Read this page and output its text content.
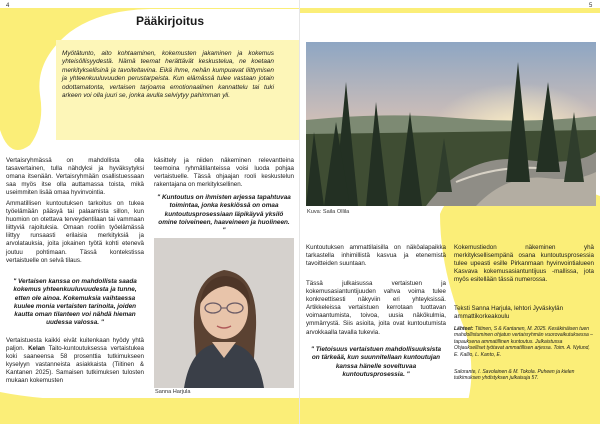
4
Pääkirjoitus

Myötätunto, aito kohtaaminen, kokemusten jakaminen ja kokemus yhteisöllisyydestä. Nämä teemat herättävät keskustelua, ne koetaan merkityksellisinä ja tavoiteltavina. Eikä ihme, nehän kumpuavat liittymisen ja yhteenkuuluvuuden perustarpeista. Kun elämässä tulee vastaan jotain odottamatonta, vertaisen tarjoama emotionaalinen kannattelu tai tuki arkeen voi olla juuri se, jonka avulla selviytyy pahimman yli.

Vertaisryhmässä on mahdollista olla tasavertainen, tulla nähdyksi ja hyväksytyksi omana itsenään. Vertaisryhmään osallistuessaan saa myös itse olla auttamassa toista, mikä useimmiten lisää omaa hyvinvointia.

Ammatillisen kuntoutuksen tarkoitus on tukea työelämään pääsyä tai palaamista sillon, kun huomion on otettava terveydentilaan tai vammaan liittyviä rajoituksia. Omaan rooliin työelämässä liittyy runsaasti erilaisia merkityksiä ja arvolatauksia, joita jokainen työtä kohti etenevä joutuu pohtimaan. Tässä kontekstissa vertaistuelle on selvä tilaus.

" Vertaisen kanssa on mahdollista saada kokemus yhteenkuuluvuudesta ja tunne, etten ole ainoa. Kokemuksia vaihtaessa kuulee monia vertaisten tarinoita, joiden kautta oman tilanteen voi nähdä hieman uudessa valossa. "

Vertaistuesta kaikki eivät kuitenkaan hyödy yhtä paljon. Kelan Taito-kuntoutuksessa vertaistukea koki saaneensa 58 prosenttia tutkimukseen kyselyyn vastanneista asiakkaista (Tiitinen & Kantanen 2025). Samaisen tutkimuksen tulosten mukaan kokemusten

käsittely ja niiden näkeminen relevantteina teemoina ryhmätilanteissa voisi luoda pohjaa vertaistuelle. Tässä ohjaajan rooli keskustelun rakentajana on merkityksellinen.

" Kuntoutus on ihmisten arjessa tapahtuvaa toimintaa, jonka keskiössä on omaa kuntoutusprosessiaan läpikäyvä yksilö omine toiveineen, haaveineen ja huolineen. "

Sanna Harjula
5
Kuva: Saila Ollila

Kuntoutuksen ammattilaisilla on näköalapaikka tarkastella inhimillistä kasvua ja etenemistä tavoitteiden suuntaan.

Tässä julkaisussa vertaistuen ja kokemusasiantuntijuuden vahva voima tulee konkreettisesti näkyviin eri yhteyksissä. Artikkeleissa vertaistuen kerrotaan tuottavan voimaantumista, toivoa, uusia näkökulmia, ymmärrystä. Siis asioita, joita ovat kuntoutumista arvokkaalla tavalla tukevia.

" Tietoisuus vertaistuen mahdollisuuksista on tärkeää, kun suunnitellaan kuntoutujan kanssa hänelle soveltuvaa kuntoutusprosessia. "

Kokemustiedon näkeminen yhä merkityksellisempänä osana kuntoutusprosessia tulee upeasti esille Pirkanmaan hyvinvointialueen Kasvava kokemusasiantuntijuus -mallissa, jota myös esitellään tässä numerossa.

Teksti Sanna Harjula, lehtori Jyväskylän ammattikorkeakoulu

Lähteet: Tiitinen, S & Kantanen, M. 2025. Kesäkinäisen tuen mahdollistuminen ohjatun vertaisryhmän vuorovaikutuksessa – tapauksena ammatillinen kuntoutus. Julkaistussa Ohjaukselliset työtavat ammatillisen arjessa. Toim. A. Nylund, E. Kallio, L. Kanto, E.

Salorante, I. Savolainen & M. Tokola. Puheen ja kielen tutkimuksen yhdistyksen julkaisuja 57.
